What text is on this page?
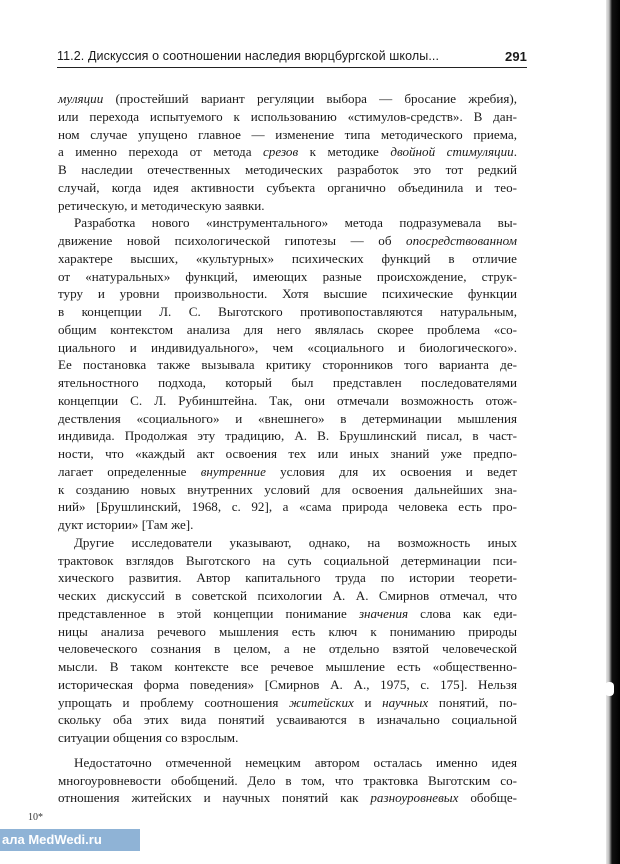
11.2. Дискуссия о соотношении наследия вюрцбургской школы...	291
муляции (простейший вариант регуляции выбора — бросание жребия),
или перехода испытуемого к использованию «стимулов-средств». В дан-
ном случае упущено главное — изменение типа методического приема,
а именно перехода от метода срезов к методике двойной стимуляции.
В наследии отечественных методических разработок это тот редкий
случай, когда идея активности субъекта органично объединила и тео-
ретическую, и методическую заявки.
Разработка нового «инструментального» метода подразумевала вы-
движение новой психологической гипотезы — об опосредствованном
характере высших, «культурных» психических функций в отличие
от «натуральных» функций, имеющих разные происхождение, струк-
туру и уровни произвольности. Хотя высшие психические функции
в концепции Л. С. Выготского противопоставляются натуральным,
общим контекстом анализа для него являлась скорее проблема «со-
циального и индивидуального», чем «социального и биологического».
Ее постановка также вызывала критику сторонников того варианта де-
ятельностного подхода, который был представлен последователями
концепции С. Л. Рубинштейна. Так, они отмечали возможность отож-
дествления «социального» и «внешнего» в детерминации мышления
индивида. Продолжая эту традицию, А. В. Брушлинский писал, в част-
ности, что «каждый акт освоения тех или иных знаний уже предпо-
лагает определенные внутренние условия для их освоения и ведет
к созданию новых внутренних условий для освоения дальнейших зна-
ний» [Брушлинский, 1968, с. 92], а «сама природа человека есть про-
дукт истории» [Там же].
Другие исследователи указывают, однако, на возможность иных
трактовок взглядов Выготского на суть социальной детерминации пси-
хического развития. Автор капитального труда по истории теорети-
ческих дискуссий в советской психологии А. А. Смирнов отмечал, что
представленное в этой концепции понимание значения слова как еди-
ницы анализа речевого мышления есть ключ к пониманию природы
человеческого сознания в целом, а не отдельно взятой человеческой
мысли. В таком контексте все речевое мышление есть «общественно-
историческая форма поведения» [Смирнов А. А., 1975, с. 175]. Нельзя
упрощать и проблему соотношения житейских и научных понятий, по-
скольку оба этих вида понятий усваиваются в изначально социальной
ситуации общения со взрослым.
Недостаточно отмеченной немецким автором осталась именно идея
многоуровневости обобщений. Дело в том, что трактовка Выготским со-
отношения житейских и научных понятий как разноуровневых обобще-
10*
ала MedWedi.ru
